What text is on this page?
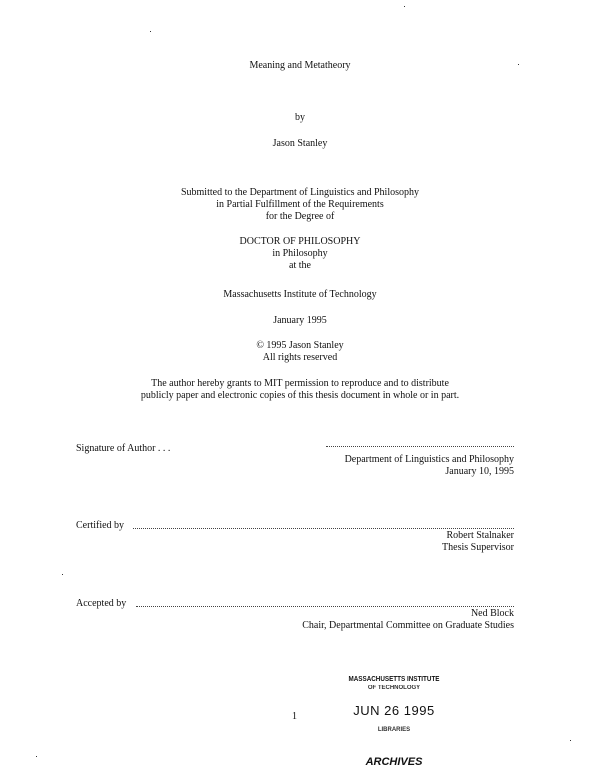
Meaning and Metatheory
by
Jason Stanley
Submitted to the Department of Linguistics and Philosophy
in Partial Fulfillment of the Requirements
for the Degree of
DOCTOR OF PHILOSOPHY
in Philosophy
at the
Massachusetts Institute of Technology
January 1995
© 1995 Jason Stanley
All rights reserved
The author hereby grants to MIT permission to reproduce and to distribute
publicly paper and electronic copies of this thesis document in whole or in part.
Signature of Author . . .
Department of Linguistics and Philosophy
January 10, 1995
Certified by
Robert Stalnaker
Thesis Supervisor
Accepted by
Ned Block
Chair, Departmental Committee on Graduate Studies
1
MASSACHUSETTS INSTITUTE
OF TECHNOLOGY
JUN 26 1995
LIBRARIES
ARCHIVES
